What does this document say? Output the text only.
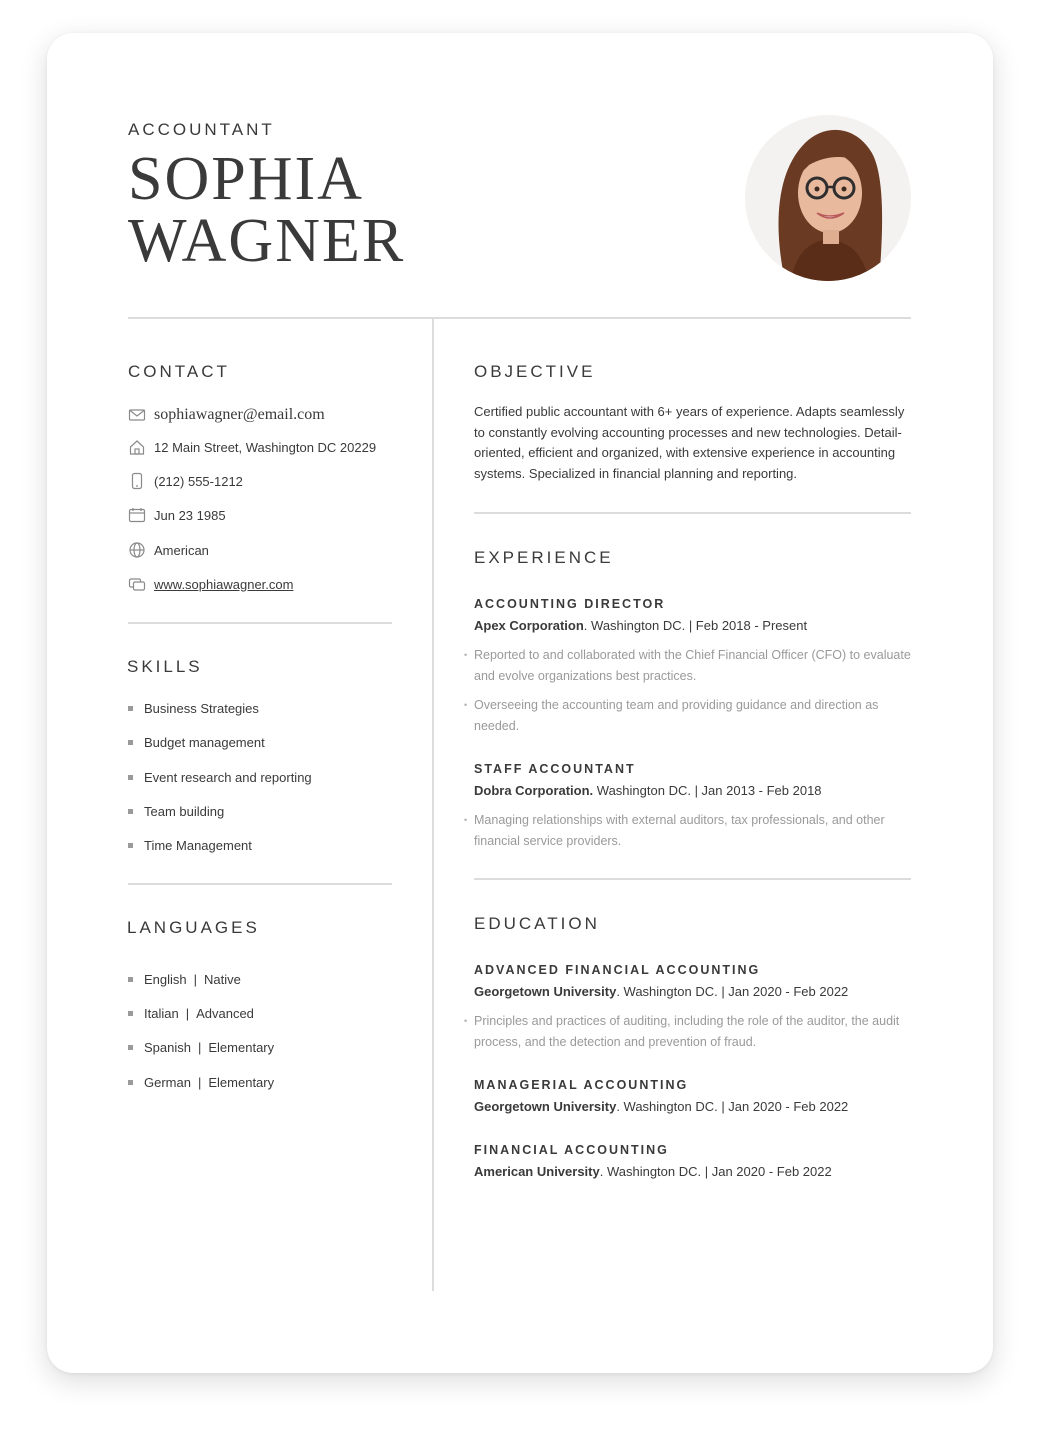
ACCOUNTANT
SOPHIA
WAGNER
CONTACT
sophiawagner@email.com
12 Main Street, Washington DC 20229
(212) 555-1212
Jun 23 1985
American
www.sophiawagner.com
SKILLS
Business Strategies
Budget management
Event research and reporting
Team building
Time Management
LANGUAGES
English | Native
Italian | Advanced
Spanish | Elementary
German | Elementary
OBJECTIVE
Certified public accountant with 6+ years of experience. Adapts seamlessly to constantly evolving accounting processes and new technologies. Detail-oriented, efficient and organized, with extensive experience in accounting systems. Specialized in financial planning and reporting.
EXPERIENCE
ACCOUNTING DIRECTOR
Apex Corporation. Washington DC. | Feb 2018 - Present
• Reported to and collaborated with the Chief Financial Officer (CFO) to evaluate and evolve organizations best practices.
• Overseeing the accounting team and providing guidance and direction as needed.
STAFF ACCOUNTANT
Dobra Corporation. Washington DC. | Jan 2013 - Feb 2018
• Managing relationships with external auditors, tax professionals, and other financial service providers.
EDUCATION
ADVANCED FINANCIAL ACCOUNTING
Georgetown University. Washington DC. | Jan 2020 - Feb 2022
• Principles and practices of auditing, including the role of the auditor, the audit process, and the detection and prevention of fraud.
MANAGERIAL ACCOUNTING
Georgetown University. Washington DC. | Jan 2020 - Feb 2022
FINANCIAL ACCOUNTING
American University. Washington DC. | Jan 2020 - Feb 2022
